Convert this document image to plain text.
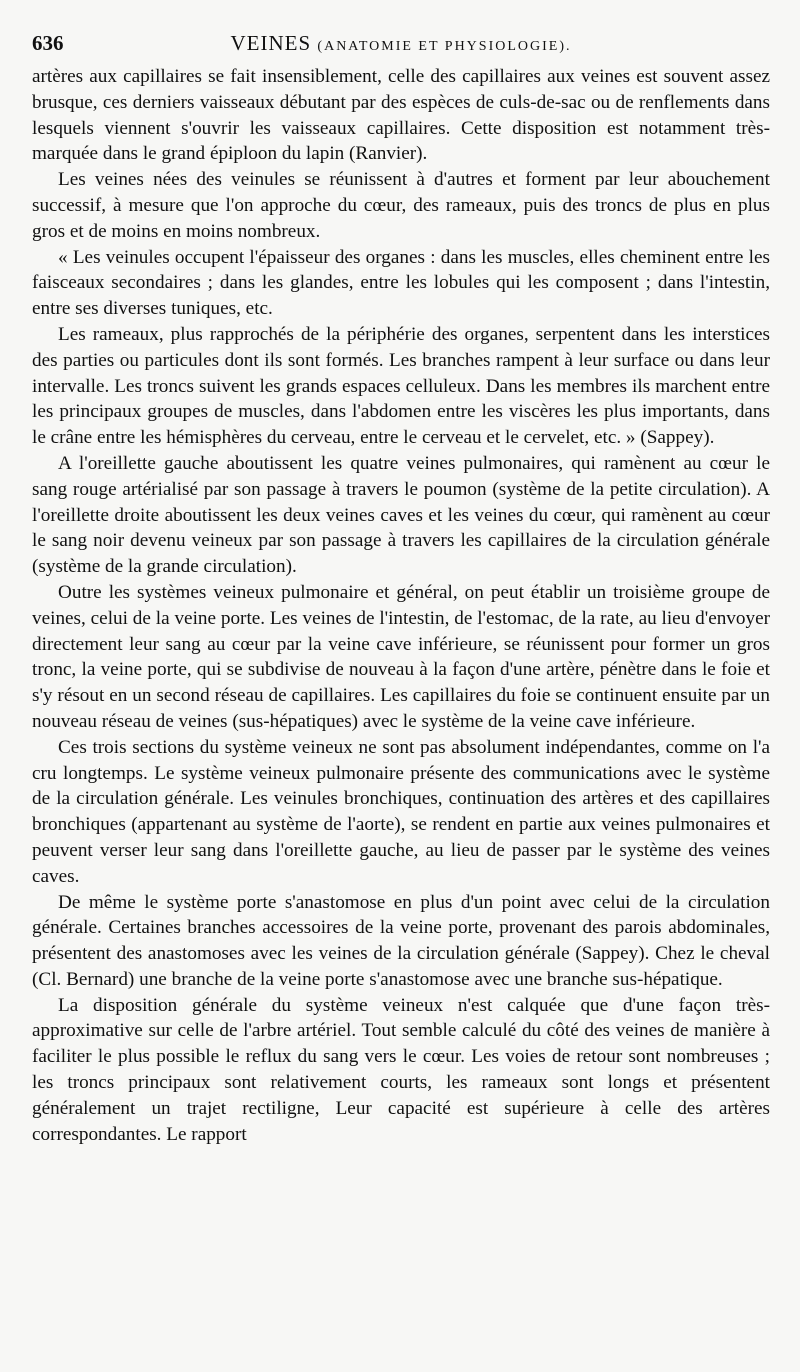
636	VEINES (ANATOMIE ET PHYSIOLOGIE).

artères aux capillaires se fait insensiblement, celle des capillaires aux veines est souvent assez brusque, ces derniers vaisseaux débutant par des espèces de culs-de-sac ou de renflements dans lesquels viennent s'ouvrir les vaisseaux capillaires. Cette disposition est notamment très-marquée dans le grand épiploon du lapin (Ranvier).

Les veines nées des veinules se réunissent à d'autres et forment par leur abouchement successif, à mesure que l'on approche du cœur, des rameaux, puis des troncs de plus en plus gros et de moins en moins nombreux.

« Les veinules occupent l'épaisseur des organes : dans les muscles, elles cheminent entre les faisceaux secondaires ; dans les glandes, entre les lobules qui les composent ; dans l'intestin, entre ses diverses tuniques, etc.

Les rameaux, plus rapprochés de la périphérie des organes, serpentent dans les interstices des parties ou particules dont ils sont formés. Les branches rampent à leur surface ou dans leur intervalle. Les troncs suivent les grands espaces celluleux. Dans les membres ils marchent entre les principaux groupes de muscles, dans l'abdomen entre les viscères les plus importants, dans le crâne entre les hémisphères du cerveau, entre le cerveau et le cervelet, etc. » (Sappey).

A l'oreillette gauche aboutissent les quatre veines pulmonaires, qui ramènent au cœur le sang rouge artérialisé par son passage à travers le poumon (système de la petite circulation). A l'oreillette droite aboutissent les deux veines caves et les veines du cœur, qui ramènent au cœur le sang noir devenu veineux par son passage à travers les capillaires de la circulation générale (système de la grande circulation).

Outre les systèmes veineux pulmonaire et général, on peut établir un troisième groupe de veines, celui de la veine porte. Les veines de l'intestin, de l'estomac, de la rate, au lieu d'envoyer directement leur sang au cœur par la veine cave inférieure, se réunissent pour former un gros tronc, la veine porte, qui se subdivise de nouveau à la façon d'une artère, pénètre dans le foie et s'y résout en un second réseau de capillaires. Les capillaires du foie se continuent ensuite par un nouveau réseau de veines (sus-hépatiques) avec le système de la veine cave inférieure.

Ces trois sections du système veineux ne sont pas absolument indépendantes, comme on l'a cru longtemps. Le système veineux pulmonaire présente des communications avec le système de la circulation générale. Les veinules bronchiques, continuation des artères et des capillaires bronchiques (appartenant au système de l'aorte), se rendent en partie aux veines pulmonaires et peuvent verser leur sang dans l'oreillette gauche, au lieu de passer par le système des veines caves.

De même le système porte s'anastomose en plus d'un point avec celui de la circulation générale. Certaines branches accessoires de la veine porte, provenant des parois abdominales, présentent des anastomoses avec les veines de la circulation générale (Sappey). Chez le cheval (Cl. Bernard) une branche de la veine porte s'anastomose avec une branche sus-hépatique.

La disposition générale du système veineux n'est calquée que d'une façon très-approximative sur celle de l'arbre artériel. Tout semble calculé du côté des veines de manière à faciliter le plus possible le reflux du sang vers le cœur. Les voies de retour sont nombreuses ; les troncs principaux sont relativement courts, les rameaux sont longs et présentent généralement un trajet rectiligne, Leur capacité est supérieure à celle des artères correspondantes. Le rapport
